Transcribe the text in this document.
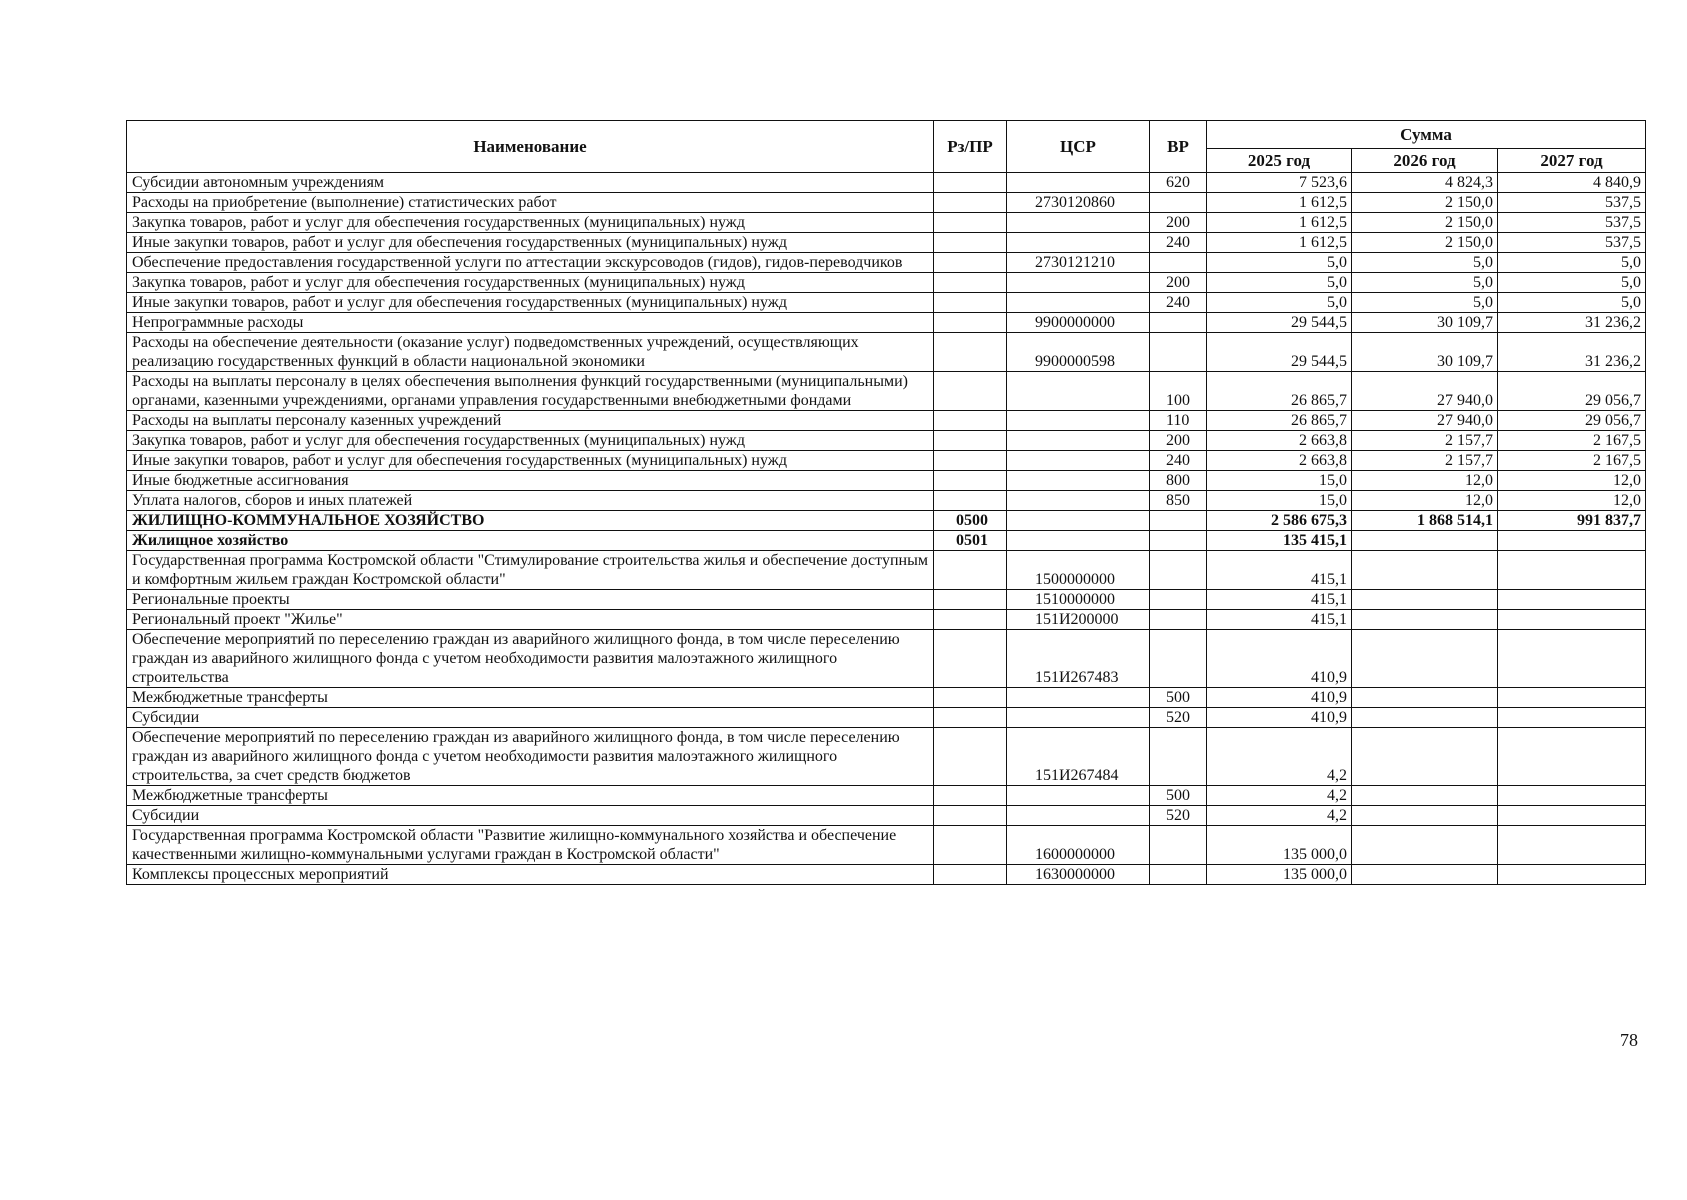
Наименование	Рз/ПР	ЦСР	ВР	Сумма		
				2025 год	2026 год	2027 год
Субсидии автономным учреждениям			620	7 523,6	4 824,3	4 840,9
Расходы на приобретение (выполнение) статистических работ		2730120860		1 612,5	2 150,0	537,5
Закупка товаров, работ и услуг для обеспечения государственных (муниципальных) нужд			200	1 612,5	2 150,0	537,5
Иные закупки товаров, работ и услуг для обеспечения государственных (муниципальных) нужд			240	1 612,5	2 150,0	537,5
Обеспечение предоставления государственной услуги по аттестации экскурсоводов (гидов), гидов-переводчиков		2730121210		5,0	5,0	5,0
Закупка товаров, работ и услуг для обеспечения государственных (муниципальных) нужд			200	5,0	5,0	5,0
Иные закупки товаров, работ и услуг для обеспечения государственных (муниципальных) нужд			240	5,0	5,0	5,0
Непрограммные расходы		9900000000		29 544,5	30 109,7	31 236,2
Расходы на обеспечение деятельности (оказание услуг) подведомственных учреждений, осуществляющих реализацию государственных функций в области национальной экономики		9900000598		29 544,5	30 109,7	31 236,2
Расходы на выплаты персоналу в целях обеспечения выполнения функций государственными (муниципальными) органами, казенными учреждениями, органами управления государственными внебюджетными фондами			100	26 865,7	27 940,0	29 056,7
Расходы на выплаты персоналу казенных учреждений			110	26 865,7	27 940,0	29 056,7
Закупка товаров, работ и услуг для обеспечения государственных (муниципальных) нужд			200	2 663,8	2 157,7	2 167,5
Иные закупки товаров, работ и услуг для обеспечения государственных (муниципальных) нужд			240	2 663,8	2 157,7	2 167,5
Иные бюджетные ассигнования			800	15,0	12,0	12,0
Уплата налогов, сборов и иных платежей			850	15,0	12,0	12,0
ЖИЛИЩНО-КОММУНАЛЬНОЕ ХОЗЯЙСТВО	0500			2 586 675,3	1 868 514,1	991 837,7
Жилищное хозяйство	0501			135 415,1		
Государственная программа Костромской области "Стимулирование строительства жилья и обеспечение доступным и комфортным жильем граждан Костромской области"		1500000000		415,1		
Региональные проекты		1510000000		415,1		
Региональный проект "Жилье"		151И200000		415,1		
Обеспечение мероприятий по переселению граждан из аварийного жилищного фонда, в том числе переселению граждан из аварийного жилищного фонда с учетом необходимости развития малоэтажного жилищного строительства		151И267483		410,9		
Межбюджетные трансферты			500	410,9		
Субсидии			520	410,9		
Обеспечение мероприятий по переселению граждан из аварийного жилищного фонда, в том числе переселению граждан из аварийного жилищного фонда с учетом необходимости развития малоэтажного жилищного строительства, за счет средств бюджетов		151И267484		4,2		
Межбюджетные трансферты			500	4,2		
Субсидии			520	4,2		
Государственная программа Костромской области "Развитие жилищно-коммунального хозяйства и обеспечение качественными жилищно-коммунальными услугами граждан в Костромской области"		1600000000		135 000,0		
Комплексы процессных мероприятий		1630000000		135 000,0		
78
